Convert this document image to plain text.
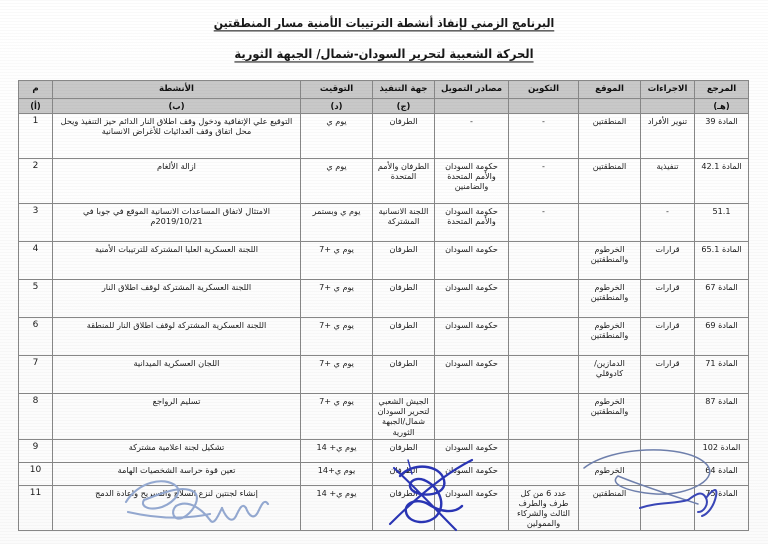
البرنامج الزمني لإنفاذ أنشطة الترتيبات الأمنية مسار المنطقتين
الحركة الشعبية لتحرير السودان-شمال/ الجبهة الثورية
المرجع	الاجراءات	الموقع	التكوين	مصادر التمويل	جهة التنفيذ	التوقيت	الأنشطة	م
(هـ)					(ج)	(د)	(ب)	(أ)
المادة 39	تنوير الأفراد	المنطقتين	-	-	الطرفان	يوم ي	التوقيع علي الإتفاقية ودخول وقف اطلاق النار الدائم حيز التنفيذ ويحل محل اتفاق وقف العدائيات للأغراض الانسانية	1
المادة 42.1	تنفيذية	المنطقتين	-	حكومة السودان والأمم المتحدة والضامنين	الطرفان والأمم المتحدة	يوم ي	ازالة الألغام	2
51.1	-		-	حكومة السودان والأمم المتحدة	اللجنة الانسانية المشتركة	يوم ي وبستمر	الامتثال لاتفاق المساعدات الانسانية الموقع في جوبا في 2019/10/21م	3
المادة 65.1	قرارات	الخرطوم والمنطقتين		حكومة السودان	الطرفان	يوم ي +7	اللجنة العسكرية العليا المشتركة للترتيبات الأمنية	4
المادة 67	قرارات	الخرطوم والمنطقتين		حكومة السودان	الطرفان	يوم ي +7	اللجنة العسكرية المشتركة لوقف اطلاق النار	5
المادة 69	قرارات	الخرطوم والمنطقتين		حكومة السودان	الطرفان	يوم ي +7	اللجنة العسكرية المشتركة لوقف اطلاق النار للمنطقة	6
المادة 71	قرارات	الدمازين/ كادوقلي		حكومة السودان	الطرفان	يوم ي +7	اللجان العسكرية الميدانية	7
المادة 87		الخرطوم والمنطقتين			الجيش الشعبي لتحرير السودان شمال/الجبهة الثورية	يوم ي +7	تسليم الرواجع	8
المادة 102				حكومة السودان	الطرفان	يوم ي+ 14	تشكيل لجنة اعلامية مشتركة	9
المادة 64		الخرطوم		حكومة السودان	الطرفان	يوم ي+14	تعين قوة حراسة الشخصيات الهامة	10
المادة 75		المنطقتين	عدد 6 من كل طرف والطرف الثالث والشركاء والممولين	حكومة السودان	الطرفان	يوم ي+ 14	إنشاء لجنتين لنزع السلاح والتسريح واعادة الدمج	11
